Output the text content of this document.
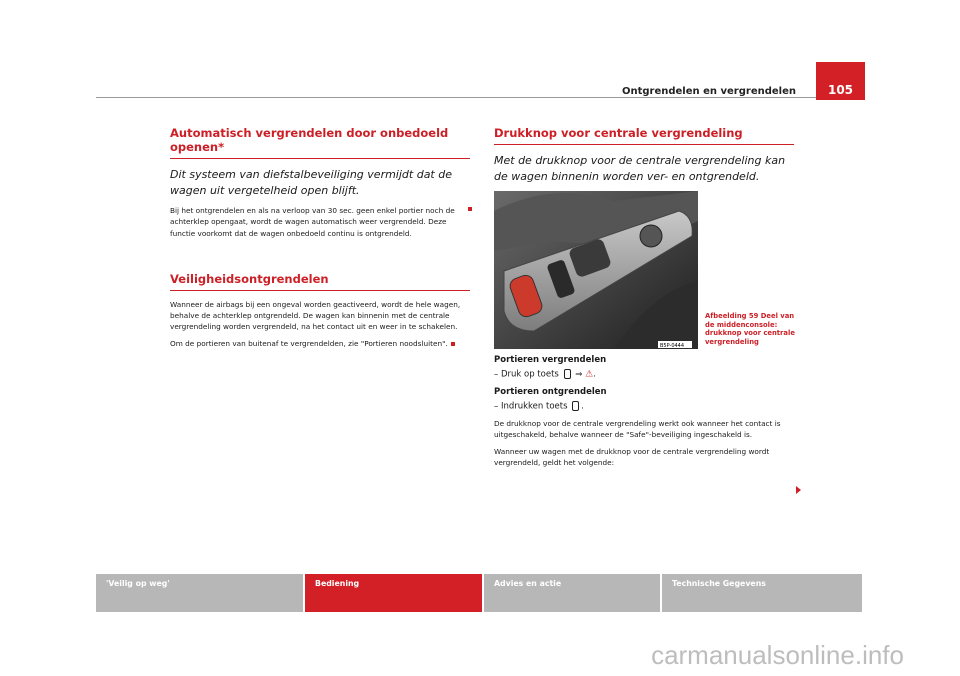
Ontgrendelen en vergrendelen	105
Automatisch vergrendelen door onbedoeld openen*

Dit systeem van diefstalbeveiliging vermijdt dat de wagen uit vergetelheid open blijft.

Bij het ontgrendelen en als na verloop van 30 sec. geen enkel portier noch de achterklep opengaat, wordt de wagen automatisch weer vergrendeld. Deze functie voorkomt dat de wagen onbedoeld continu is ontgrendeld.

Veiligheidsontgrendelen

Wanneer de airbags bij een ongeval worden geactiveerd, wordt de hele wagen, behalve de achterklep ontgrendeld. De wagen kan binnenin met de centrale vergrendeling worden vergrendeld, na het contact uit en weer in te schakelen.

Om de portieren van buitenaf te vergrendelden, zie "Portieren noodsluiten".

Drukknop voor centrale vergrendeling

Met de drukknop voor de centrale vergrendeling kan de wagen binnenin worden ver- en ontgrendeld.

B5P-0444
Portieren vergrendelen
– Druk op toets ⇒ ⚠.
Portieren ontgrendelen
– Indrukken toets .

De drukknop voor de centrale vergrendeling werkt ook wanneer het contact is uitgeschakeld, behalve wanneer de "Safe"-beveiliging ingeschakeld is.

Wanneer uw wagen met de drukknop voor de centrale vergrendeling wordt vergrendeld, geldt het volgende:

Afbeelding 59 Deel van de middenconsole: drukknop voor centrale vergrendeling
'Veilig op weg'	Bediening	Advies en actie	Technische Gegevens
carmanualsonline.info
